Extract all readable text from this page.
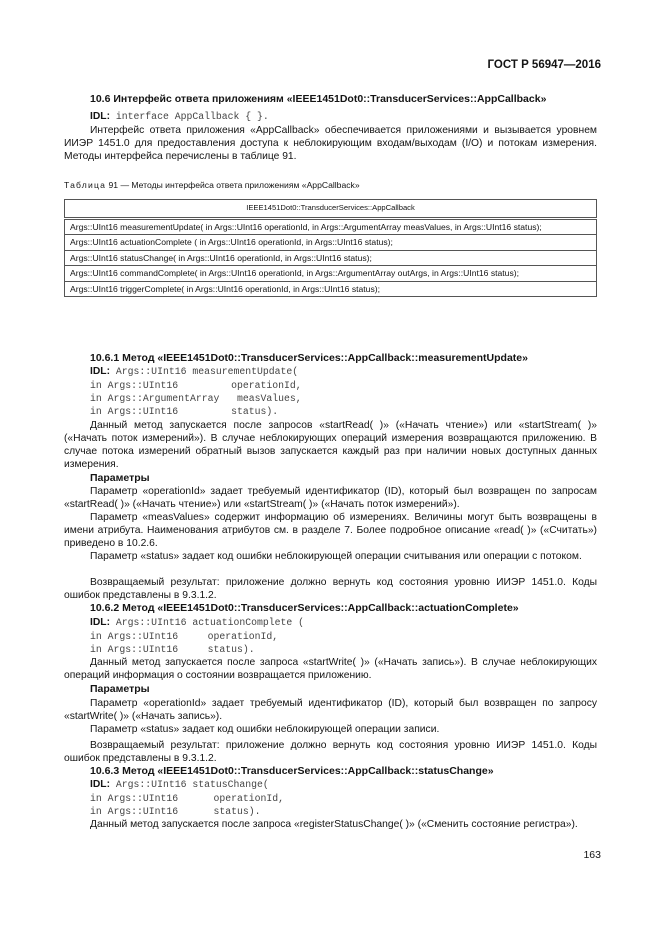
ГОСТ Р 56947—2016
10.6 Интерфейс ответа приложениям «IEEE1451Dot0::TransducerServices::AppCallback»
IDL: interface AppCallback { }.
Интерфейс ответа приложения «AppCallback» обеспечивается приложениями и вызывается уровнем ИИЭР 1451.0 для предоставления доступа к неблокирующим входам/выходам (I/O) и потокам измерения. Методы интерфейса перечислены в таблице 91.
Таблица 91 — Методы интерфейса ответа приложениям «AppCallback»
IEEE1451Dot0::TransducerServices::AppCallback
Args::UInt16 measurementUpdate( in Args::UInt16 operationId, in Args::ArgumentArray measValues, in Args::UInt16 status);
Args::UInt16 actuationComplete ( in Args::UInt16 operationId, in Args::UInt16 status);
Args::UInt16 statusChange( in Args::UInt16 operationId, in Args::UInt16 status);
Args::UInt16 commandComplete( in Args::UInt16 operationId, in Args::ArgumentArray outArgs, in Args::UInt16 status);
Args::UInt16 triggerComplete( in Args::UInt16 operationId, in Args::UInt16 status);
10.6.1 Метод «IEEE1451Dot0::TransducerServices::AppCallback::measurementUpdate»
IDL: Args::UInt16 measurementUpdate(
in Args::UInt16         operationId,
in Args::ArgumentArray   measValues,
in Args::UInt16         status).
Данный метод запускается после запросов «startRead( )» («Начать чтение») или «startStream( )» («Начать поток измерений»). В случае неблокирующих операций измерения возвращаются приложению. В случае потока измерений обратный вызов запускается каждый раз при наличии новых доступных данных измерения.
Параметры
Параметр «operationId» задает требуемый идентификатор (ID), который был возвращен по запросам «startRead( )» («Начать чтение») или «startStream( )» («Начать поток измерений»).
Параметр «measValues» содержит информацию об измерениях. Величины могут быть возвращены в имени атрибута. Наименования атрибутов см. в разделе 7. Более подробное описание «read( )» («Считать») приведено в 10.2.6.
Параметр «status» задает код ошибки неблокирующей операции считывания или операции с потоком.
Возвращаемый результат: приложение должно вернуть код состояния уровню ИИЭР 1451.0. Коды ошибок представлены в 9.3.1.2.
10.6.2 Метод «IEEE1451Dot0::TransducerServices::AppCallback::actuationComplete»
IDL: Args::UInt16 actuationComplete (
in Args::UInt16     operationId,
in Args::UInt16     status).
Данный метод запускается после запроса «startWrite( )» («Начать запись»). В случае неблокирующих операций информация о состоянии возвращается приложению.
Параметры
Параметр «operationId» задает требуемый идентификатор (ID), который был возвращен по запросу «startWrite( )» («Начать запись»).
Параметр «status» задает код ошибки неблокирующей операции записи.
Возвращаемый результат: приложение должно вернуть код состояния уровню ИИЭР 1451.0. Коды ошибок представлены в 9.3.1.2.
10.6.3 Метод «IEEE1451Dot0::TransducerServices::AppCallback::statusChange»
IDL: Args::UInt16 statusChange(
in Args::UInt16      operationId,
in Args::UInt16      status).
Данный метод запускается после запроса «registerStatusChange( )» («Сменить состояние регистра»).
163
